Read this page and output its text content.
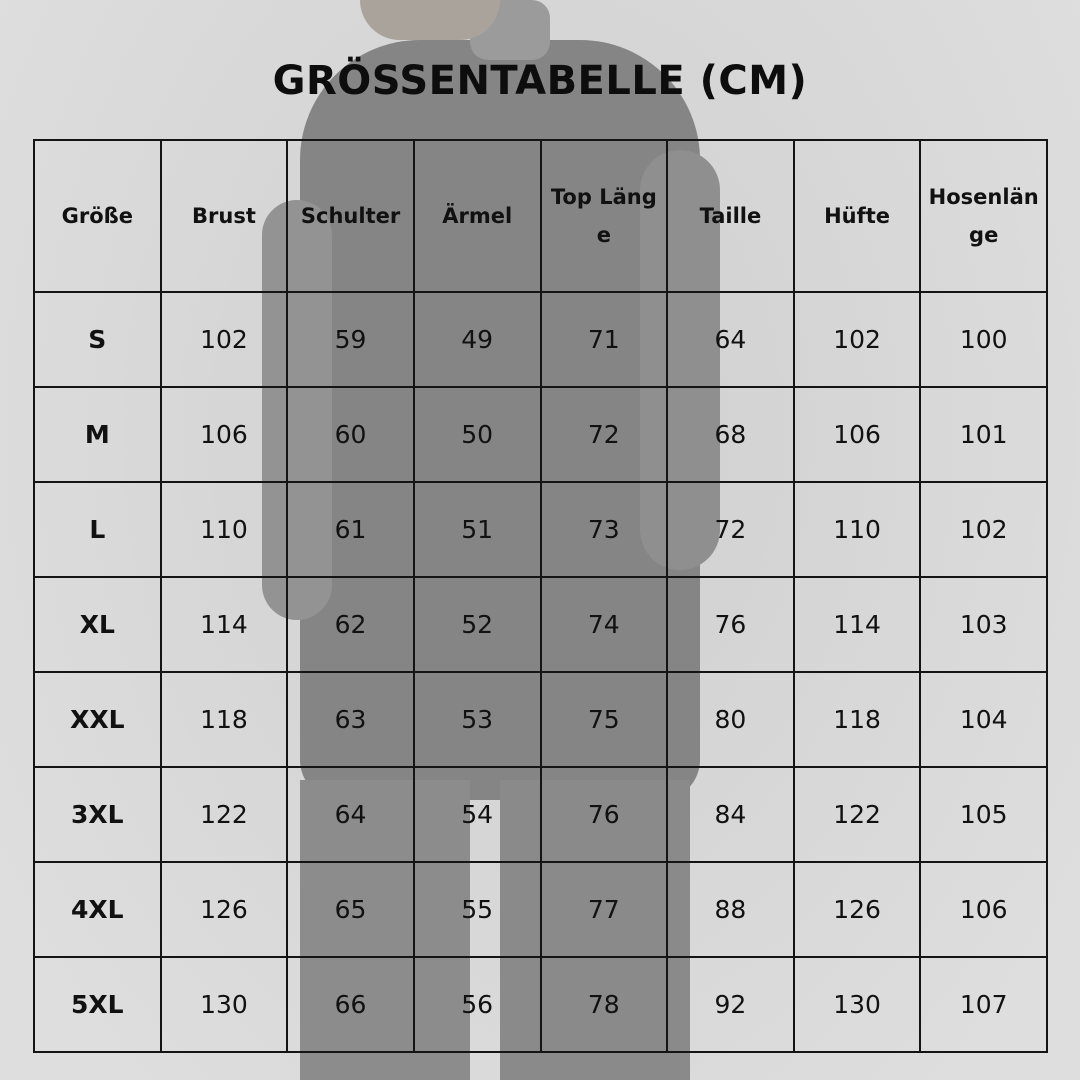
GRÖSSENTABELLE (CM)
Größe	Brust	Schulter	Ärmel	Top Länge	Taille	Hüfte	Hosenlänge
S	102	59	49	71	64	102	100
M	106	60	50	72	68	106	101
L	110	61	51	73	72	110	102
XL	114	62	52	74	76	114	103
XXL	118	63	53	75	80	118	104
3XL	122	64	54	76	84	122	105
4XL	126	65	55	77	88	126	106
5XL	130	66	56	78	92	130	107
